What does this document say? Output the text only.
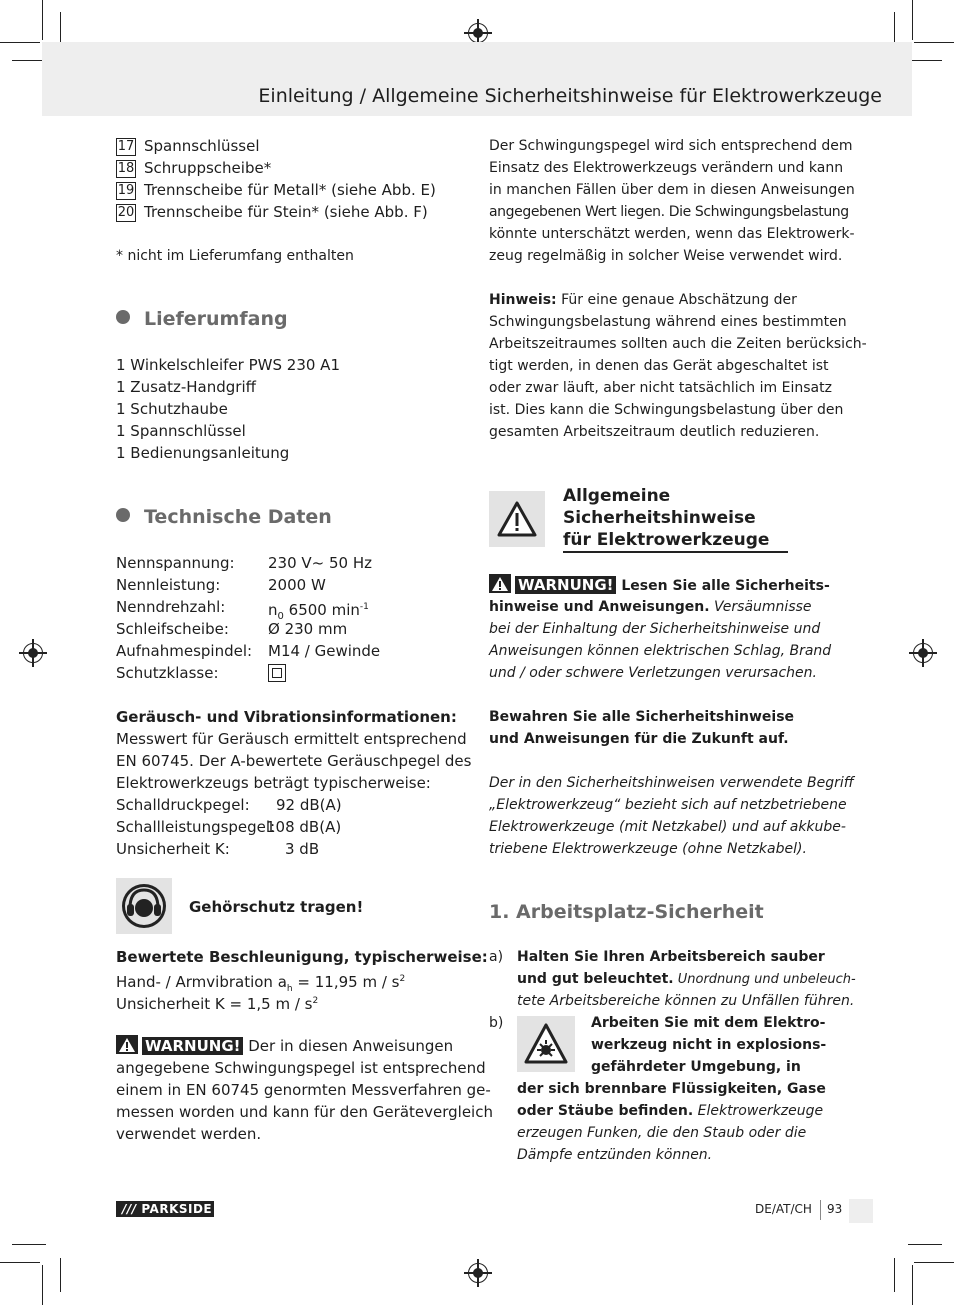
Einleitung / Allgemeine Sicherheitshinweise für Elektrowerkzeuge
17 Spannschlüssel
18 Schruppscheibe*
19 Trennscheibe für Metall* (siehe Abb. E)
20 Trennscheibe für Stein* (siehe Abb. F)
* nicht im Lieferumfang enthalten
Lieferumfang
1 Winkelschleifer PWS 230 A1
1 Zusatz-Handgriff
1 Schutzhaube
1 Spannschlüssel
1 Bedienungsanleitung
Technische Daten
Nennspannung: 230 V~ 50 Hz
Nennleistung:	2000 W
Nenndrehzahl:	$n_0$ 6500 $\min^{-1}$
Schleifscheibe:	Ø 230 mm
Aufnahmespindel: M14 / Gewinde
Schutzklasse:
Geräusch- und Vibrationsinformationen:
Messwert für Geräusch ermittelt entsprechend
EN 60745. Der A-bewertete Geräuschpegel des
Elektrowerkzeugs beträgt typischerweise:
Schalldruckpegel: 92 dB(A)
Schallleistungspegel:
108 dB(A)
Unsicherheit K:	3 dB
Gehörschutz tragen!
Bewertete Beschleunigung, typischerweise:
Hand- / Armvibration $a_h = 11,95$ m / $s^2$
Unsicherheit K = 1,5 m / $s^2$
WARNUNG! Der in diesen Anweisungen
angegebene Schwingungspegel ist entsprechend
einem in EN 60745 genormten Messverfahren ge-
messen worden und kann für den Gerätevergleich
verwendet werden.
Der Schwingungspegel wird sich entsprechend dem
Einsatz des Elektrowerkzeugs verändern und kann
in manchen Fällen über dem in diesen Anweisungen
angegebenen Wert liegen. Die Schwingungsbelastung
könnte unterschätzt werden, wenn das Elektrowerk-
zeug regelmäßig in solcher Weise verwendet wird.
Hinweis: Für eine genaue Abschätzung der
Schwingungsbelastung während eines bestimmten
Arbeitszeitraumes sollten auch die Zeiten berücksich-
tigt werden, in denen das Gerät abgeschaltet ist
oder zwar läuft, aber nicht tatsächlich im Einsatz
ist. Dies kann die Schwingungsbelastung über den
gesamten Arbeitszeitraum deutlich reduzieren.
Allgemeine
Sicherheitshinweise
für Elektrowerkzeuge
WARNUNG! Lesen Sie alle Sicherheits-
hinweise und Anweisungen. Versäumnisse
bei der Einhaltung der Sicherheitshinweise und
Anweisungen können elektrischen Schlag, Brand
und / oder schwere Verletzungen verursachen.
Bewahren Sie alle Sicherheitshinweise
und Anweisungen für die Zukunft auf.
Der in den Sicherheitshinweisen verwendete Begriff
„Elektrowerkzeug“ bezieht sich auf netzbetriebene
Elektrowerkzeuge (mit Netzkabel) und auf akkube-
triebene Elektrowerkzeuge (ohne Netzkabel).
1. Arbeitsplatz-Sicherheit
a) Halten Sie Ihren Arbeitsbereich sauber
und gut beleuchtet. Unordnung und unbeleuch-
tete Arbeitsbereiche können zu Unfällen führen.
b)	Arbeiten Sie mit dem Elektro-
werkzeug nicht in explosions-
gefährdeter Umgebung, in
der sich brennbare Flüssigkeiten, Gase
oder Stäube befinden. Elektrowerkzeuge
erzeugen Funken, die den Staub oder die
Dämpfe entzünden können.
/// PARKSIDE	DE/AT/CH 93
